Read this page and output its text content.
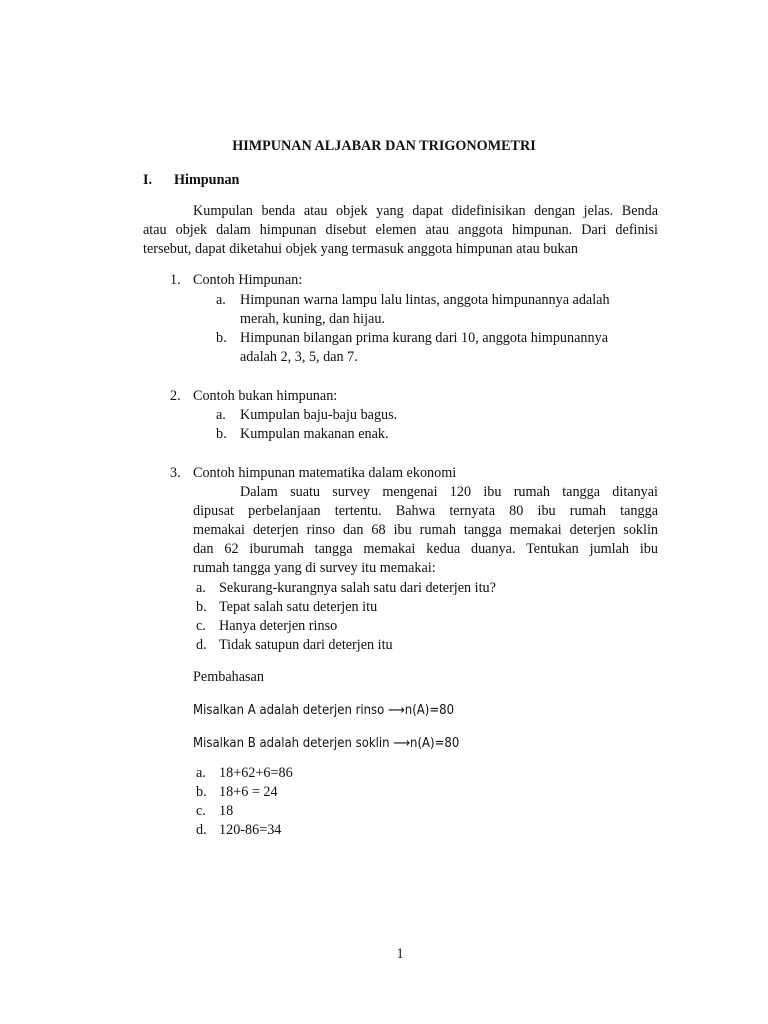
HIMPUNAN ALJABAR DAN TRIGONOMETRI
I. Himpunan
Kumpulan benda atau objek yang dapat didefinisikan dengan jelas. Benda
atau objek dalam himpunan disebut elemen atau anggota himpunan. Dari definisi
tersebut, dapat diketahui objek yang termasuk anggota himpunan atau bukan
1. Contoh Himpunan:
a. Himpunan warna lampu lalu lintas, anggota himpunannya adalah
merah, kuning, dan hijau.
b. Himpunan bilangan prima kurang dari 10, anggota himpunannya
adalah 2, 3, 5, dan 7.
2. Contoh bukan himpunan:
a. Kumpulan baju-baju bagus.
b. Kumpulan makanan enak.
3. Contoh himpunan matematika dalam ekonomi
Dalam suatu survey mengenai 120 ibu rumah tangga ditanyai
dipusat perbelanjaan tertentu. Bahwa ternyata 80 ibu rumah tangga
memakai deterjen rinso dan 68 ibu rumah tangga memakai deterjen soklin
dan 62 iburumah tangga memakai kedua duanya. Tentukan jumlah ibu
rumah tangga yang di survey itu memakai:
a. Sekurang-kurangnya salah satu dari deterjen itu?
b. Tepat salah satu deterjen itu
c. Hanya deterjen rinso
d. Tidak satupun dari deterjen itu
Pembahasan
Misalkan A adalah deterjen rinso ⟶n(A)=80
Misalkan B adalah deterjen soklin ⟶n(A)=80
a. 18+62+6=86
b. 18+6 = 24
c. 18
d. 120-86=34
1
